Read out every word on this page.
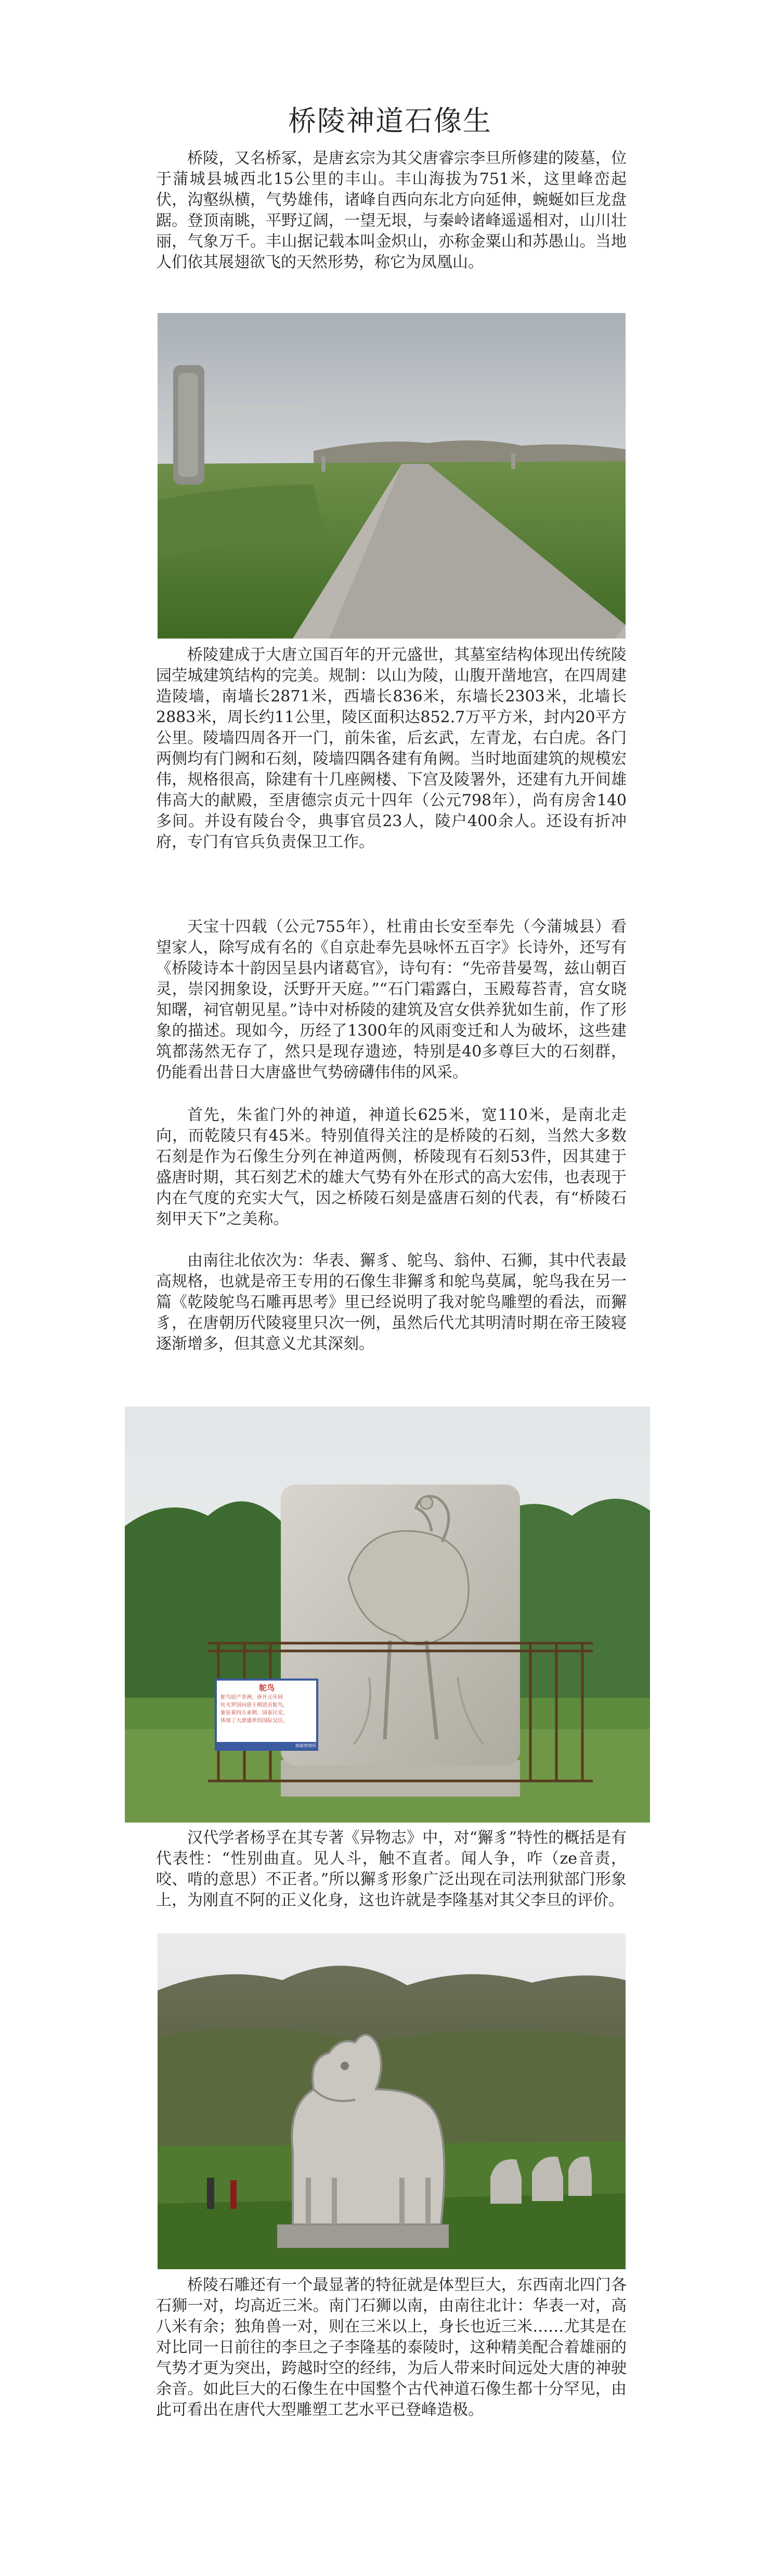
桥陵神道石像生

桥陵，又名桥冢，是唐玄宗为其父唐睿宗李旦所修建的陵墓，位于蒲城县城西北15公里的丰山。丰山海拔为751米，这里峰峦起伏，沟壑纵横，气势雄伟，诸峰自西向东北方向延伸，蜿蜒如巨龙盘踞。登顶南眺，平野辽阔，一望无垠，与秦岭诸峰遥遥相对，山川壮丽，气象万千。丰山据记载本叫金炽山，亦称金粟山和苏愚山。当地人们依其展翅欲飞的天然形势，称它为凤凰山。

桥陵建成于大唐立国百年的开元盛世，其墓室结构体现出传统陵园茔城建筑结构的完美。规制：以山为陵，山腹开凿地宫，在四周建造陵墙，南墙长2871米，西墙长836米，东墙长2303米，北墙长2883米，周长约11公里，陵区面积达852.7万平方米，封内20平方公里。陵墙四周各开一门，前朱雀，后玄武，左青龙，右白虎。各门两侧均有门阙和石刻，陵墙四隅各建有角阙。当时地面建筑的规模宏伟，规格很高，除建有十几座阙楼、下宫及陵署外，还建有九开间雄伟高大的献殿，至唐德宗贞元十四年（公元798年），尚有房舍140多间。并设有陵台令，典事官员23人，陵户400余人。还设有折冲府，专门有官兵负责保卫工作。

天宝十四载（公元755年），杜甫由长安至奉先（今蒲城县）看望家人，除写成有名的《自京赴奉先县咏怀五百字》长诗外，还写有《桥陵诗本十韵因呈县内诸葛官》，诗句有：“先帝昔晏驾，兹山朝百灵，崇冈拥象设，沃野开天庭。”“石门霜露白，玉殿莓苔青，宫女晓知曙，祠官朝见星。”诗中对桥陵的建筑及宫女供养犹如生前，作了形象的描述。现如今，历经了1300年的风雨变迁和人为破坏，这些建筑都荡然无存了，然只是现存遗迹，特别是40多尊巨大的石刻群，仍能看出昔日大唐盛世气势磅礴伟伟的风采。

首先，朱雀门外的神道，神道长625米，宽110米，是南北走向，而乾陵只有45米。特别值得关注的是桥陵的石刻，当然大多数石刻是作为石像生分列在神道两侧，桥陵现有石刻53件，因其建于盛唐时期，其石刻艺术的雄大气势有外在形式的高大宏伟，也表现于内在气度的充实大气，因之桥陵石刻是盛唐石刻的代表，有“桥陵石刻甲天下”之美称。

由南往北依次为：华表、獬豸、鸵鸟、翁仲、石狮，其中代表最高规格，也就是帝王专用的石像生非獬豸和鸵鸟莫属，鸵鸟我在另一篇《乾陵鸵鸟石雕再思考》里已经说明了我对鸵鸟雕塑的看法，而獬豸，在唐朝历代陵寝里只次一例，虽然后代尤其明清时期在帝王陵寝逐渐增多，但其意义尤其深刻。

鸵鸟
鸵鸟原产非洲，唐开元年间
吐火罗国向唐王朝进贡鸵鸟，
象征着四方来朝、国泰民安，
体现了大唐盛世的国际交往。
桥陵管理所

汉代学者杨孚在其专著《异物志》中，对“獬豸”特性的概括是有代表性：“性别曲直。见人斗，触不直者。闻人争，咋（ze音责，咬、啃的意思）不正者。”所以獬豸形象广泛出现在司法刑狱部门形象上，为刚直不阿的正义化身，这也许就是李隆基对其父李旦的评价。

桥陵石雕还有一个最显著的特征就是体型巨大，东西南北四门各石狮一对，均高近三米。南门石狮以南，由南往北计：华表一对，高八米有余；独角兽一对，则在三米以上，身长也近三米……尤其是在对比同一日前往的李旦之子李隆基的泰陵时，这种精美配合着雄丽的气势才更为突出，跨越时空的经纬，为后人带来时间远处大唐的神驶余音。如此巨大的石像生在中国整个古代神道石像生都十分罕见，由此可看出在唐代大型雕塑工艺水平已登峰造极。
